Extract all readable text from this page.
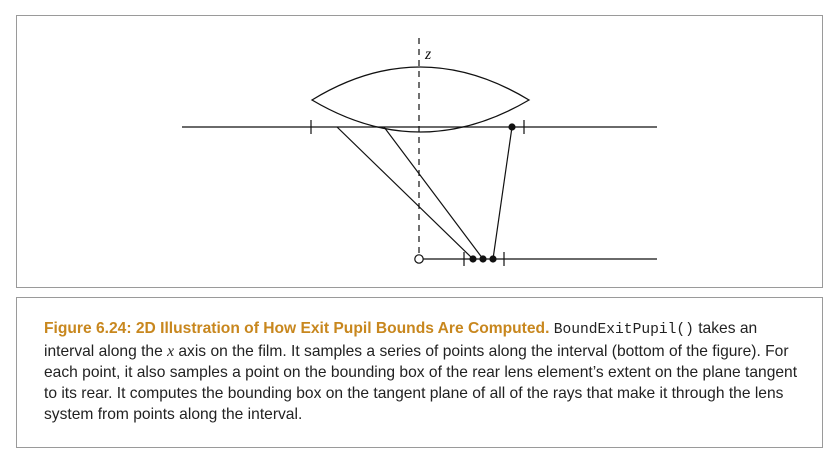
z

Figure 6.24: 2D Illustration of How Exit Pupil Bounds Are Computed. BoundExitPupil() takes an interval along the x axis on the film. It samples a series of points along the interval (bottom of the figure). For each point, it also samples a point on the bounding box of the rear lens element’s extent on the plane tangent to its rear. It computes the bounding box on the tangent plane of all of the rays that make it through the lens system from points along the interval.
